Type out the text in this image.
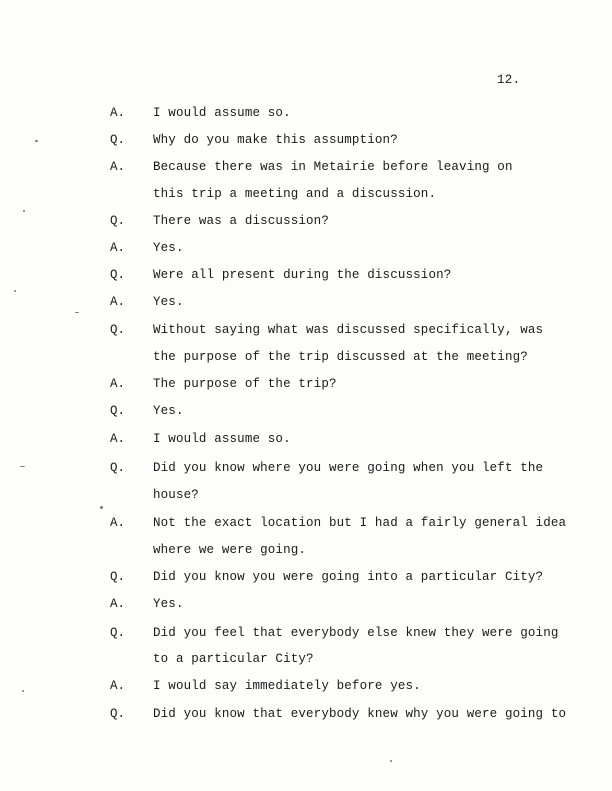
12.
A. I would assume so.
Q. Why do you make this assumption?
A. Because there was in Metairie before leaving on
this trip a meeting and a discussion.
Q. There was a discussion?
A. Yes.
Q. Were all present during the discussion?
A. Yes.
Q. Without saying what was discussed specifically, was
the purpose of the trip discussed at the meeting?
A. The purpose of the trip?
Q. Yes.
A. I would assume so.
Q. Did you know where you were going when you left the
house?
A. Not the exact location but I had a fairly general idea
where we were going.
Q. Did you know you were going into a particular City?
A. Yes.
Q. Did you feel that everybody else knew they were going
to a particular City?
A. I would say immediately before yes.
Q. Did you know that everybody knew why you were going to
